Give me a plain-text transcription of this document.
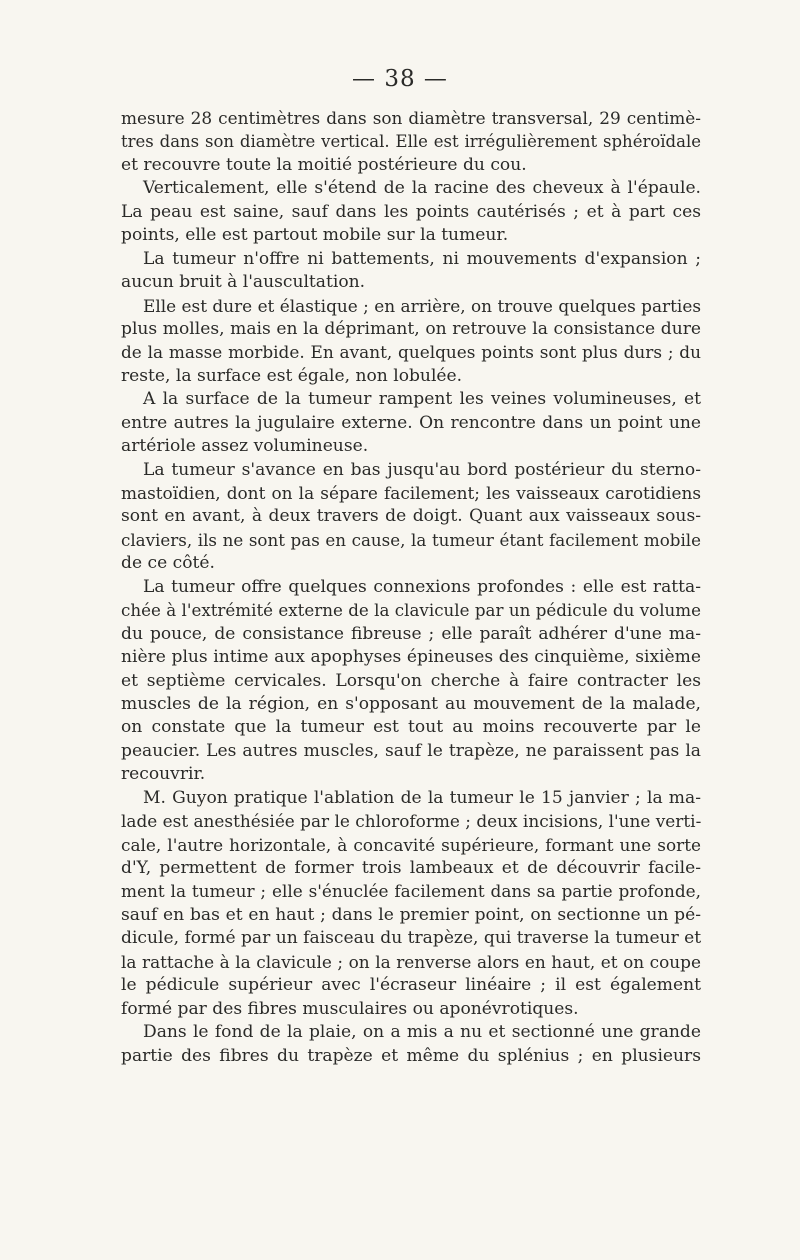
— 38 —
mesure 28 centimètres dans son diamètre transversal, 29 centimè-
tres dans son diamètre vertical. Elle est irrégulièrement sphéroïdale
et recouvre toute la moitié postérieure du cou.
Verticalement, elle s'étend de la racine des cheveux à l'épaule.
La peau est saine, sauf dans les points cautérisés ; et à part ces
points, elle est partout mobile sur la tumeur.
La tumeur n'offre ni battements, ni mouvements d'expansion ;
aucun bruit à l'auscultation.
Elle est dure et élastique ; en arrière, on trouve quelques parties
plus molles, mais en la déprimant, on retrouve la consistance dure
de la masse morbide. En avant, quelques points sont plus durs ; du
reste, la surface est égale, non lobulée.
A la surface de la tumeur rampent les veines volumineuses, et
entre autres la jugulaire externe. On rencontre dans un point une
artériole assez volumineuse.
La tumeur s'avance en bas jusqu'au bord postérieur du sterno-
mastoïdien, dont on la sépare facilement; les vaisseaux carotidiens
sont en avant, à deux travers de doigt. Quant aux vaisseaux sous-
claviers, ils ne sont pas en cause, la tumeur étant facilement mobile
de ce côté.
La tumeur offre quelques connexions profondes : elle est ratta-
chée à l'extrémité externe de la clavicule par un pédicule du volume
du pouce, de consistance fibreuse ; elle paraît adhérer d'une ma-
nière plus intime aux apophyses épineuses des cinquième, sixième
et septième cervicales. Lorsqu'on cherche à faire contracter les
muscles de la région, en s'opposant au mouvement de la malade,
on constate que la tumeur est tout au moins recouverte par le
peaucier. Les autres muscles, sauf le trapèze, ne paraissent pas la
recouvrir.
M. Guyon pratique l'ablation de la tumeur le 15 janvier ; la ma-
lade est anesthésiée par le chloroforme ; deux incisions, l'une verti-
cale, l'autre horizontale, à concavité supérieure, formant une sorte
d'Y, permettent de former trois lambeaux et de découvrir facile-
ment la tumeur ; elle s'énuclée facilement dans sa partie profonde,
sauf en bas et en haut ; dans le premier point, on sectionne un pé-
dicule, formé par un faisceau du trapèze, qui traverse la tumeur et
la rattache à la clavicule ; on la renverse alors en haut, et on coupe
le pédicule supérieur avec l'écraseur linéaire ; il est également
formé par des fibres musculaires ou aponévrotiques.
Dans le fond de la plaie, on a mis a nu et sectionné une grande
partie des fibres du trapèze et même du splénius ; en plusieurs
